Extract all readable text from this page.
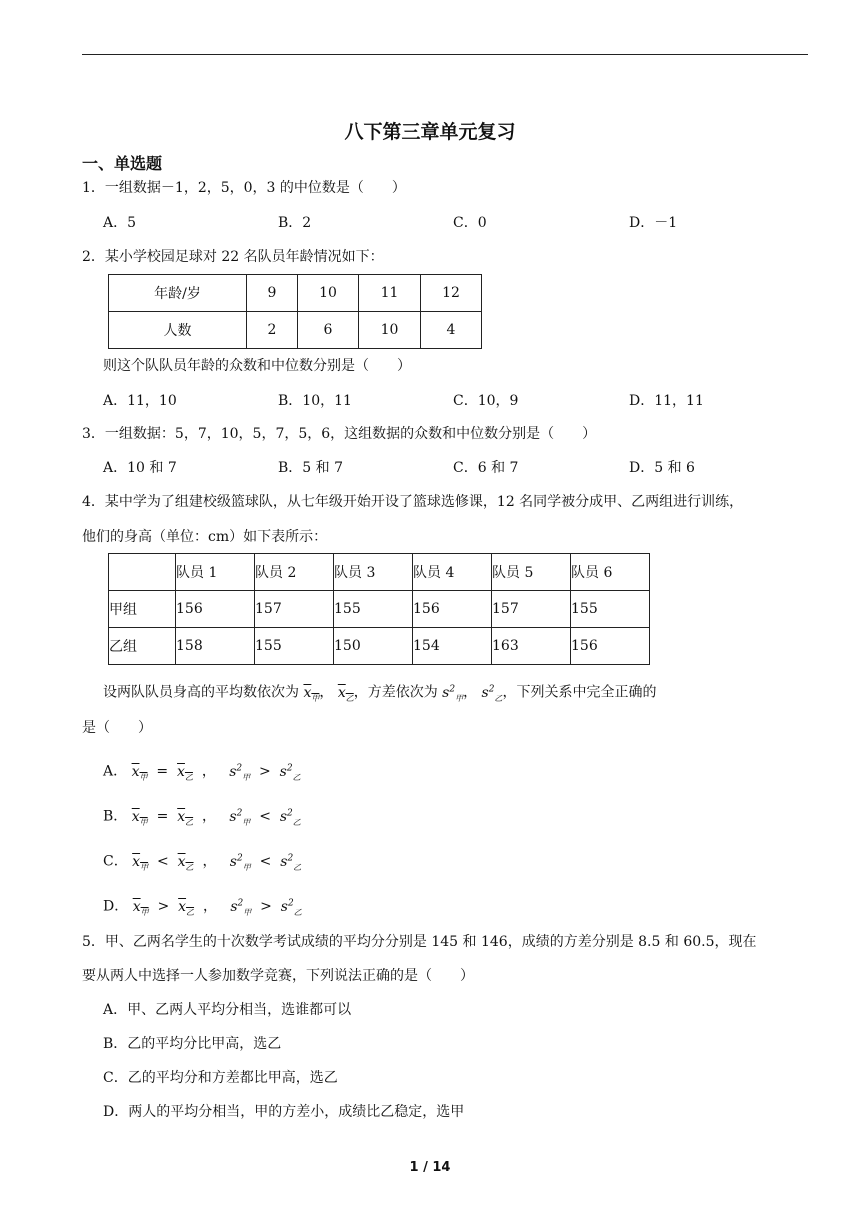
八下第三章单元复习
一、单选题
1．一组数据－1，2，5，0，3 的中位数是（　　）
A．5	B．2	C．0	D．－1
2．某小学校园足球对 22 名队员年龄情况如下：
年龄/岁	9	10	11	12
人数	2	6	10	4
则这个队队员年龄的众数和中位数分别是（　　）
A．11，10	B．10，11	C．10，9	D．11，11
3．一组数据：5，7，10，5，7，5，6，这组数据的众数和中位数分别是（　　）
A．10 和 7	B．5 和 7	C．6 和 7	D．5 和 6
4．某中学为了组建校级篮球队，从七年级开始开设了篮球选修课，12 名同学被分成甲、乙两组进行训练，
他们的身高（单位：cm）如下表所示：
	队员 1	队员 2	队员 3	队员 4	队员 5	队员 6
甲组	156	157	155	156	157	155
乙组	158	155	150	154	163	156
设两队队员身高的平均数依次为 $x_甲$， $x_乙$，方差依次为 $s^2_甲$， $s^2_乙$，下列关系中完全正确的
是（　　）
A． $x_甲 = x_乙$ ， $s^2_甲 > s^2_乙$
B． $x_甲 = x_乙$ ， $s^2_甲 < s^2_乙$
C． $x_甲 < x_乙$ ， $s^2_甲 < s^2_乙$
D． $x_甲 > x_乙$ ， $s^2_甲 > s^2_乙$
5．甲、乙两名学生的十次数学考试成绩的平均分分别是 145 和 146，成绩的方差分别是 8.5 和 60.5，现在
要从两人中选择一人参加数学竞赛，下列说法正确的是（　　）
A．甲、乙两人平均分相当，选谁都可以
B．乙的平均分比甲高，选乙
C．乙的平均分和方差都比甲高，选乙
D．两人的平均分相当，甲的方差小，成绩比乙稳定，选甲
1 / 14
